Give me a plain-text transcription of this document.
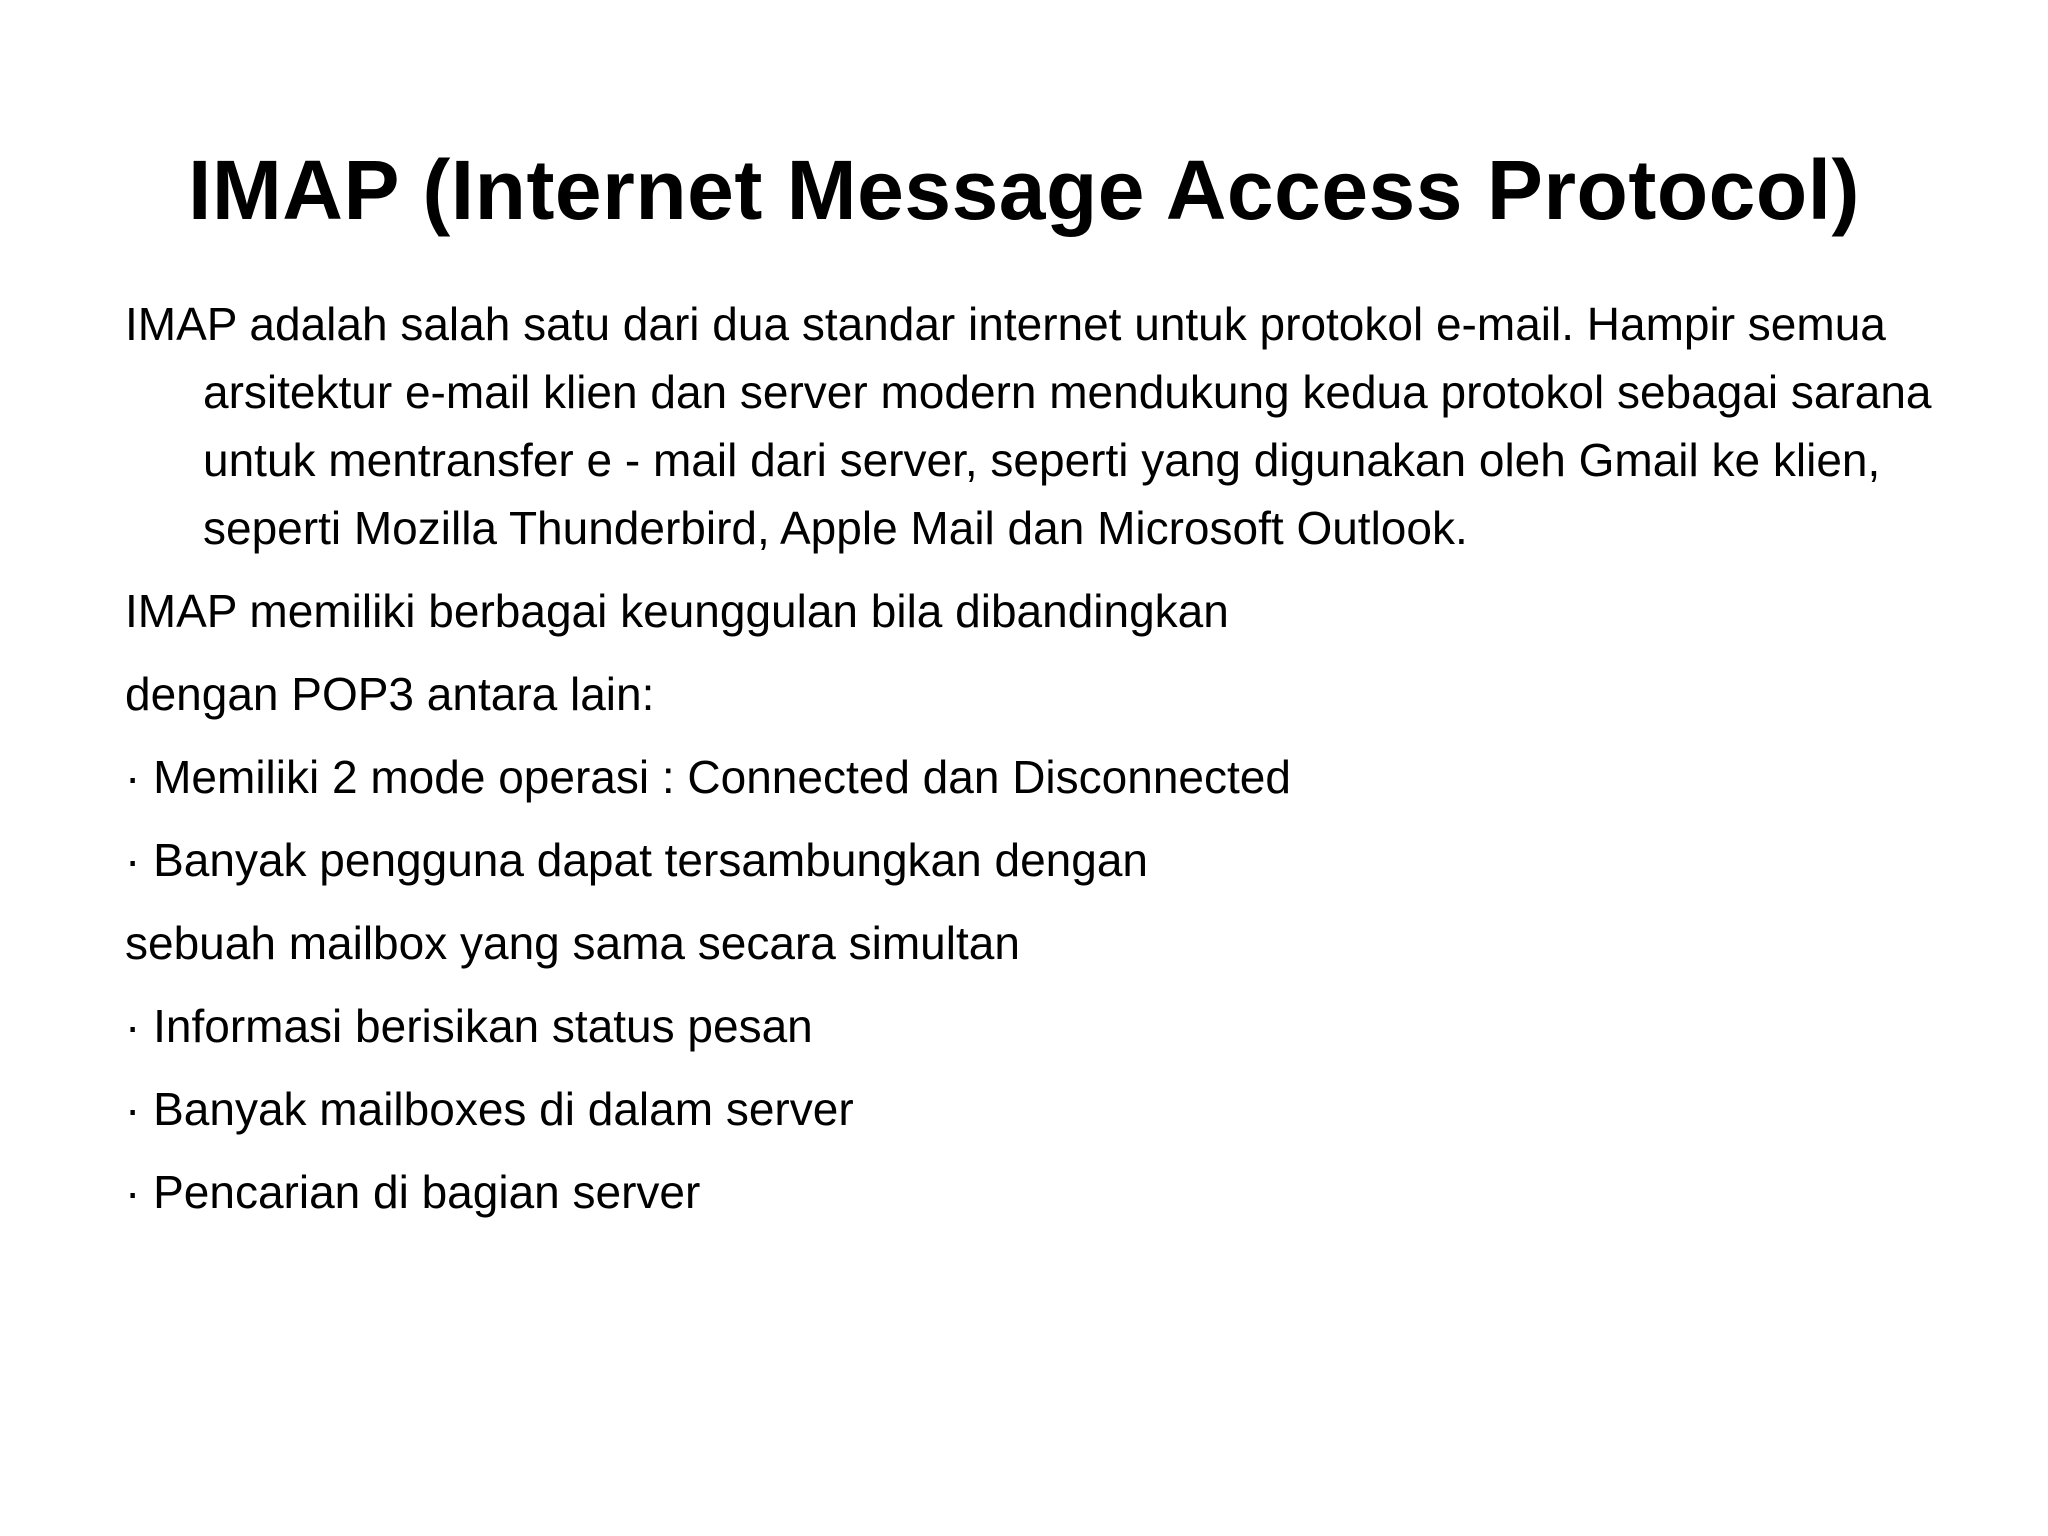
IMAP (Internet Message Access Protocol)

IMAP adalah salah satu dari dua standar internet untuk protokol e-mail. Hampir semua arsitektur e-mail klien dan server modern mendukung kedua protokol sebagai sarana untuk mentransfer e - mail dari server, seperti yang digunakan oleh Gmail ke klien, seperti Mozilla Thunderbird, Apple Mail dan Microsoft Outlook.

IMAP memiliki berbagai keunggulan bila dibandingkan

dengan POP3 antara lain:

· Memiliki 2 mode operasi : Connected dan Disconnected

· Banyak pengguna dapat tersambungkan dengan

sebuah mailbox yang sama secara simultan

· Informasi berisikan status pesan

· Banyak mailboxes di dalam server

· Pencarian di bagian server
